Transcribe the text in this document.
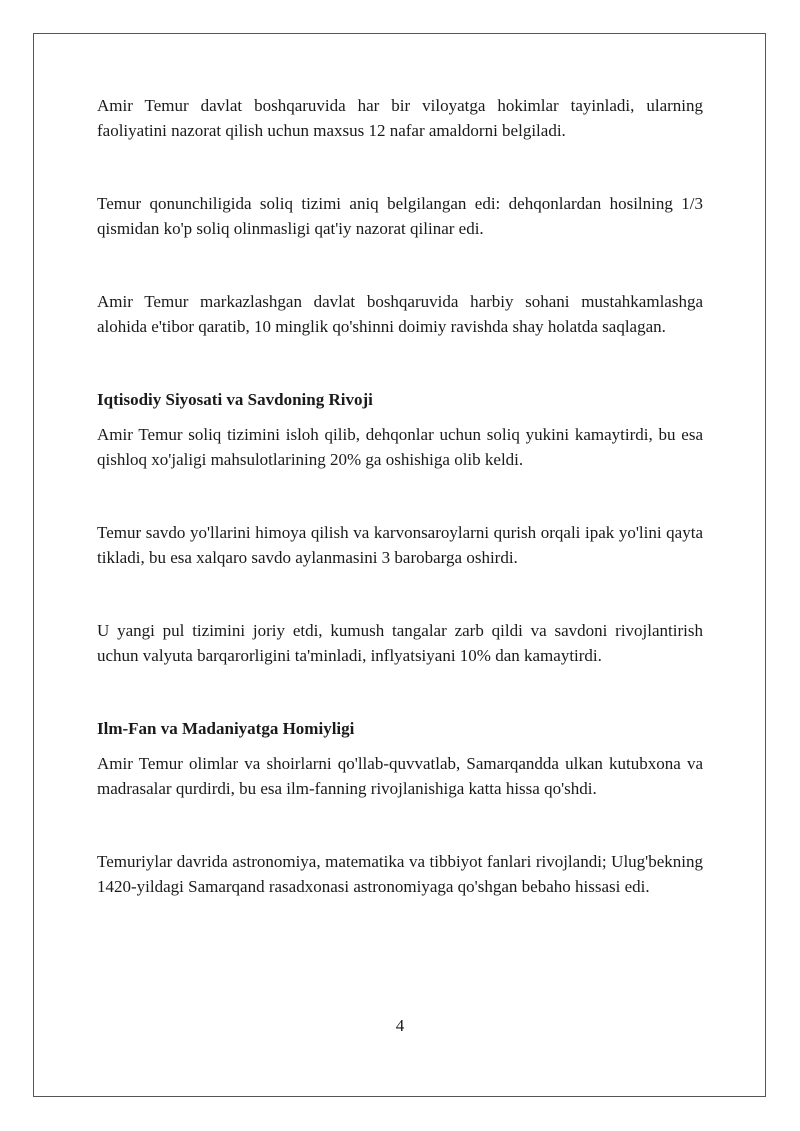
Amir Temur davlat boshqaruvida har bir viloyatga hokimlar tayinladi, ularning faoliyatini nazorat qilish uchun maxsus 12 nafar amaldorni belgiladi.

Temur qonunchiligida soliq tizimi aniq belgilangan edi: dehqonlardan hosilning 1/3 qismidan ko'p soliq olinmasligi qat'iy nazorat qilinar edi.

Amir Temur markazlashgan davlat boshqaruvida harbiy sohani mustahkamlashga alohida e'tibor qaratib, 10 minglik qo'shinni doimiy ravishda shay holatda saqlagan.

Iqtisodiy Siyosati va Savdoning Rivoji

Amir Temur soliq tizimini isloh qilib, dehqonlar uchun soliq yukini kamaytirdi, bu esa qishloq xo'jaligi mahsulotlarining 20% ga oshishiga olib keldi.

Temur savdo yo'llarini himoya qilish va karvonsaroylarni qurish orqali ipak yo'lini qayta tikladi, bu esa xalqaro savdo aylanmasini 3 barobarga oshirdi.

U yangi pul tizimini joriy etdi, kumush tangalar zarb qildi va savdoni rivojlantirish uchun valyuta barqarorligini ta'minladi, inflyatsiyani 10% dan kamaytirdi.

Ilm-Fan va Madaniyatga Homiyligi

Amir Temur olimlar va shoirlarni qo'llab-quvvatlab, Samarqandda ulkan kutubxona va madrasalar qurdirdi, bu esa ilm-fanning rivojlanishiga katta hissa qo'shdi.

Temuriylar davrida astronomiya, matematika va tibbiyot fanlari rivojlandi; Ulug'bekning 1420-yildagi Samarqand rasadxonasi astronomiyaga qo'shgan bebaho hissasi edi.

4
